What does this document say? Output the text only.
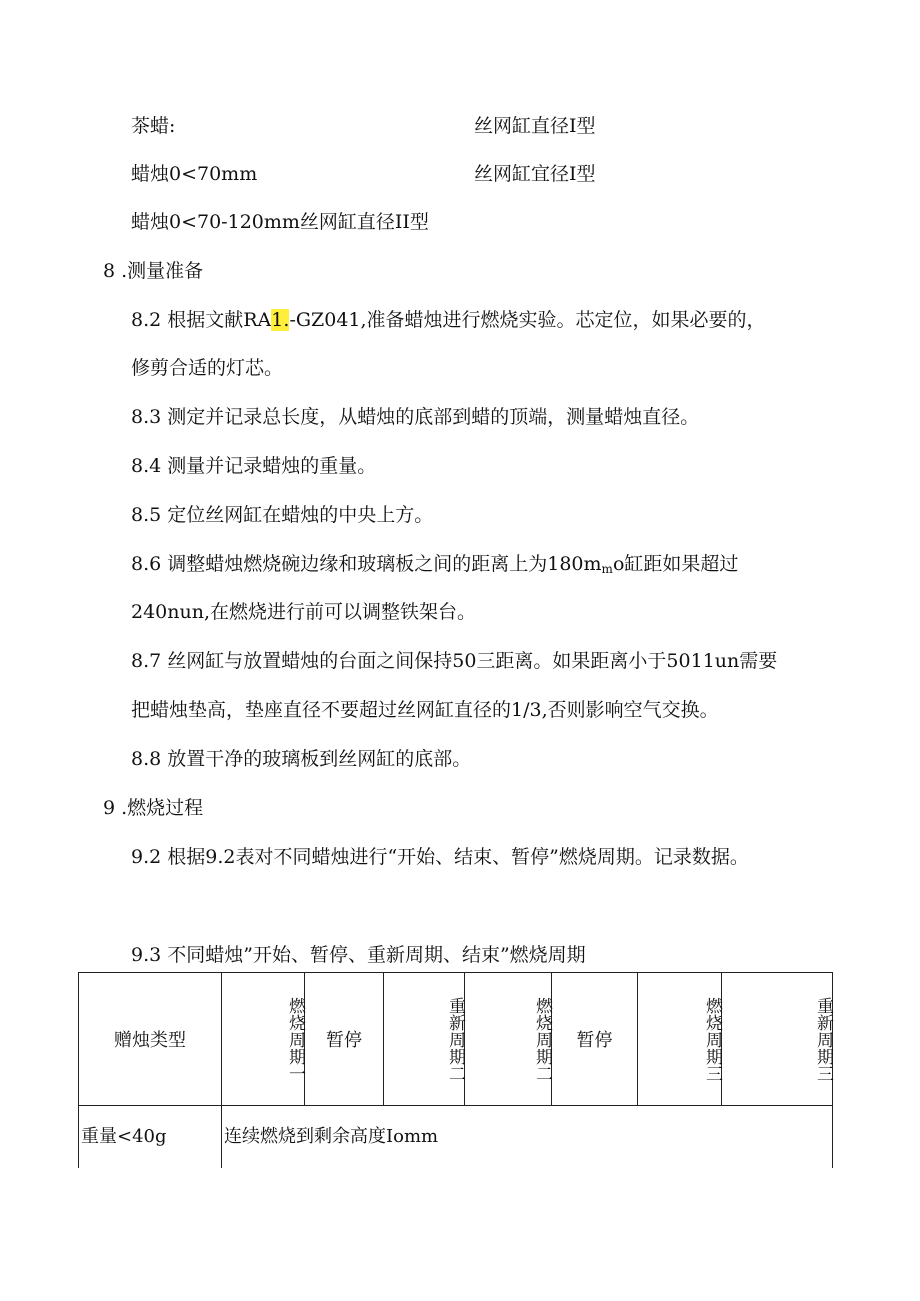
茶蜡:	丝网缸直径I型
蜡烛0<70mm	丝网缸宜径I型
蜡烛0<70-120mm丝网缸直径II型
8 .测量准备
8.2 根据文献RA1.-GZ041,准备蜡烛进行燃烧实验。芯定位，如果必要的，
修剪合适的灯芯。
8.3 测定并记录总长度，从蜡烛的底部到蜡的顶端，测量蜡烛直径。
8.4 测量并记录蜡烛的重量。
8.5 定位丝网缸在蜡烛的中央上方。
8.6 调整蜡烛燃烧碗边缘和玻璃板之间的距离上为180mmo缸距如果超过
240nun,在燃烧进行前可以调整铁架台。
8.7 丝网缸与放置蜡烛的台面之间保持50三距离。如果距离小于5011un需要
把蜡烛垫高，垫座直径不要超过丝网缸直径的1/3,否则影响空气交换。
8.8 放置干净的玻璃板到丝网缸的底部。
9 .燃烧过程
9.2 根据9.2表对不同蜡烛进行“开始、结束、暂停”燃烧周期。记录数据。
9.3 不同蜡烛”开始、暂停、重新周期、结束”燃烧周期
赠烛类型	燃烧周期一	暂停	重新周期二	燃烧周期二	暂停	燃烧周期三	重新周期三

重量<40g	连续燃烧到剩余高度Iomm						
